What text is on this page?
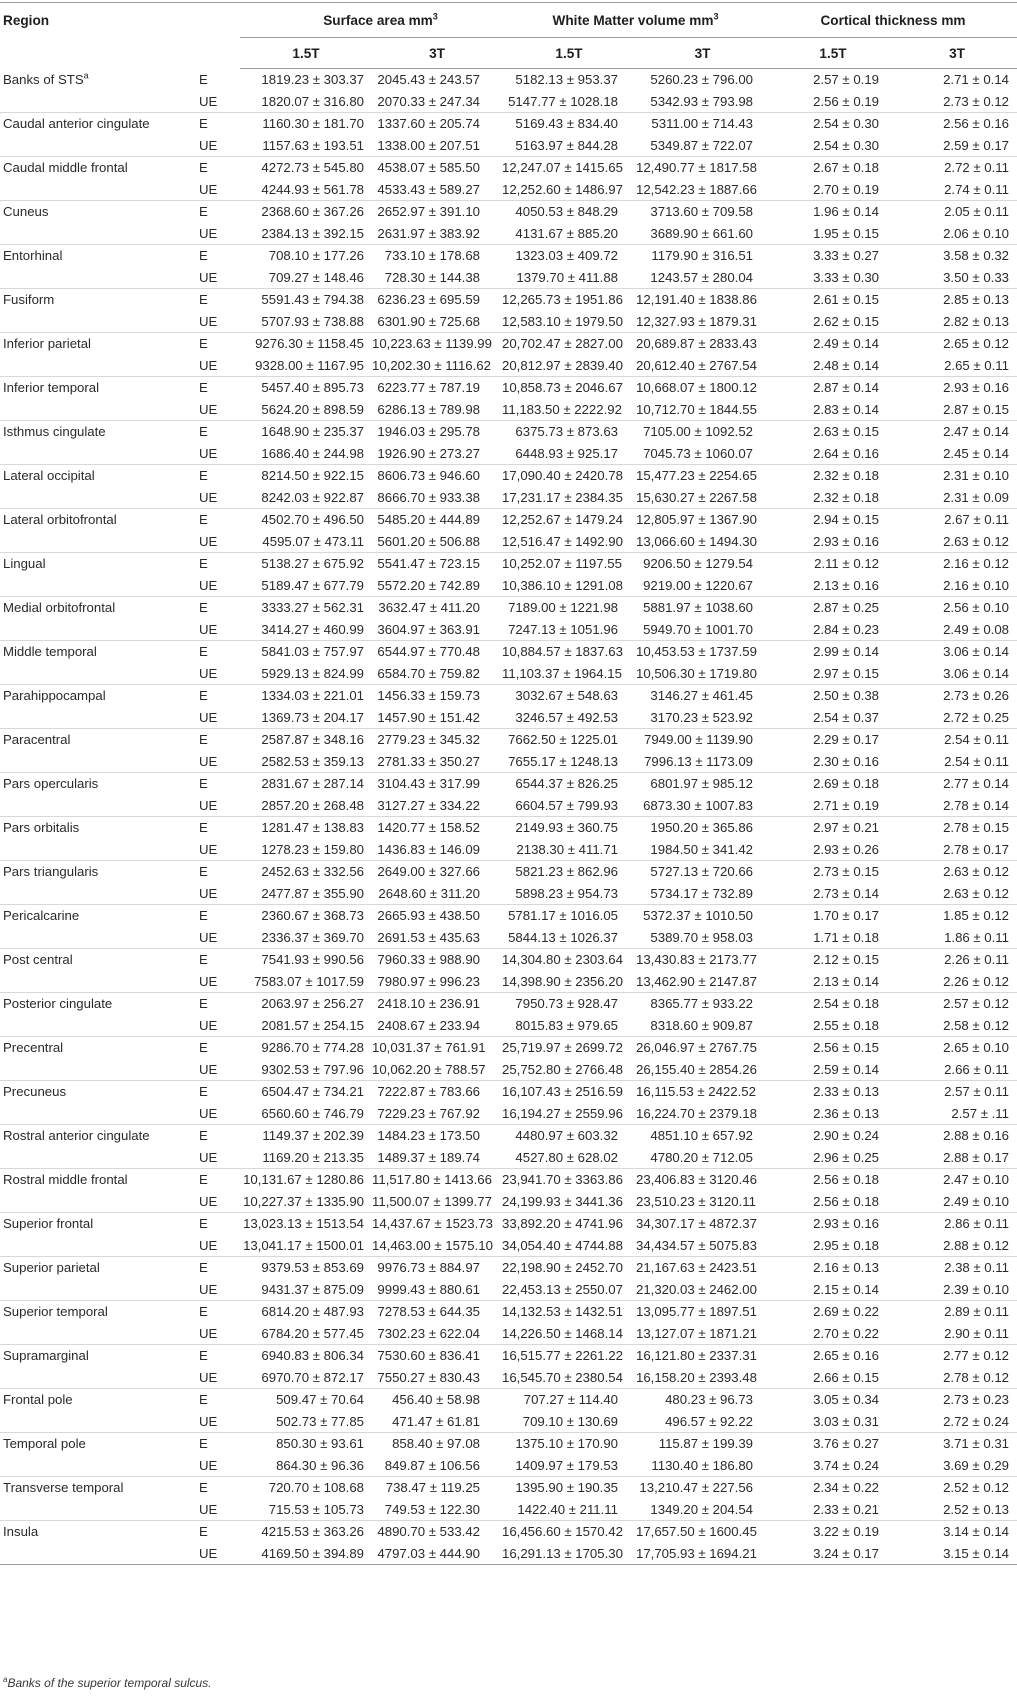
Region		Surface area $mm^3$		White Matter volume $mm^3$		Cortical thickness mm	
		1.5T	3T	1.5T	3T	1.5T	3T
Banks of STS$^a$	E	1819.23 ± 303.37	2045.43 ± 243.57	5182.13 ± 953.37	5260.23 ± 796.00	2.57 ± 0.19	2.71 ± 0.14
	UE	1820.07 ± 316.80	2070.33 ± 247.34	5147.77 ± 1028.18	5342.93 ± 793.98	2.56 ± 0.19	2.73 ± 0.12
Caudal anterior cingulate	E	1160.30 ± 181.70	1337.60 ± 205.74	5169.43 ± 834.40	5311.00 ± 714.43	2.54 ± 0.30	2.56 ± 0.16
	UE	1157.63 ± 193.51	1338.00 ± 207.51	5163.97 ± 844.28	5349.87 ± 722.07	2.54 ± 0.30	2.59 ± 0.17
Caudal middle frontal	E	4272.73 ± 545.80	4538.07 ± 585.50	12,247.07 ± 1415.65	12,490.77 ± 1817.58	2.67 ± 0.18	2.72 ± 0.11
	UE	4244.93 ± 561.78	4533.43 ± 589.27	12,252.60 ± 1486.97	12,542.23 ± 1887.66	2.70 ± 0.19	2.74 ± 0.11
Cuneus	E	2368.60 ± 367.26	2652.97 ± 391.10	4050.53 ± 848.29	3713.60 ± 709.58	1.96 ± 0.14	2.05 ± 0.11
	UE	2384.13 ± 392.15	2631.97 ± 383.92	4131.67 ± 885.20	3689.90 ± 661.60	1.95 ± 0.15	2.06 ± 0.10
Entorhinal	E	708.10 ± 177.26	733.10 ± 178.68	1323.03 ± 409.72	1179.90 ± 316.51	3.33 ± 0.27	3.58 ± 0.32
	UE	709.27 ± 148.46	728.30 ± 144.38	1379.70 ± 411.88	1243.57 ± 280.04	3.33 ± 0.30	3.50 ± 0.33
Fusiform	E	5591.43 ± 794.38	6236.23 ± 695.59	12,265.73 ± 1951.86	12,191.40 ± 1838.86	2.61 ± 0.15	2.85 ± 0.13
	UE	5707.93 ± 738.88	6301.90 ± 725.68	12,583.10 ± 1979.50	12,327.93 ± 1879.31	2.62 ± 0.15	2.82 ± 0.13
Inferior parietal	E	9276.30 ± 1158.45	10,223.63 ± 1139.99	20,702.47 ± 2827.00	20,689.87 ± 2833.43	2.49 ± 0.14	2.65 ± 0.12
	UE	9328.00 ± 1167.95	10,202.30 ± 1116.62	20,812.97 ± 2839.40	20,612.40 ± 2767.54	2.48 ± 0.14	2.65 ± 0.11
Inferior temporal	E	5457.40 ± 895.73	6223.77 ± 787.19	10,858.73 ± 2046.67	10,668.07 ± 1800.12	2.87 ± 0.14	2.93 ± 0.16
	UE	5624.20 ± 898.59	6286.13 ± 789.98	11,183.50 ± 2222.92	10,712.70 ± 1844.55	2.83 ± 0.14	2.87 ± 0.15
Isthmus cingulate	E	1648.90 ± 235.37	1946.03 ± 295.78	6375.73 ± 873.63	7105.00 ± 1092.52	2.63 ± 0.15	2.47 ± 0.14
	UE	1686.40 ± 244.98	1926.90 ± 273.27	6448.93 ± 925.17	7045.73 ± 1060.07	2.64 ± 0.16	2.45 ± 0.14
Lateral occipital	E	8214.50 ± 922.15	8606.73 ± 946.60	17,090.40 ± 2420.78	15,477.23 ± 2254.65	2.32 ± 0.18	2.31 ± 0.10
	UE	8242.03 ± 922.87	8666.70 ± 933.38	17,231.17 ± 2384.35	15,630.27 ± 2267.58	2.32 ± 0.18	2.31 ± 0.09
Lateral orbitofrontal	E	4502.70 ± 496.50	5485.20 ± 444.89	12,252.67 ± 1479.24	12,805.97 ± 1367.90	2.94 ± 0.15	2.67 ± 0.11
	UE	4595.07 ± 473.11	5601.20 ± 506.88	12,516.47 ± 1492.90	13,066.60 ± 1494.30	2.93 ± 0.16	2.63 ± 0.12
Lingual	E	5138.27 ± 675.92	5541.47 ± 723.15	10,252.07 ± 1197.55	9206.50 ± 1279.54	2.11 ± 0.12	2.16 ± 0.12
	UE	5189.47 ± 677.79	5572.20 ± 742.89	10,386.10 ± 1291.08	9219.00 ± 1220.67	2.13 ± 0.16	2.16 ± 0.10
Medial orbitofrontal	E	3333.27 ± 562.31	3632.47 ± 411.20	7189.00 ± 1221.98	5881.97 ± 1038.60	2.87 ± 0.25	2.56 ± 0.10
	UE	3414.27 ± 460.99	3604.97 ± 363.91	7247.13 ± 1051.96	5949.70 ± 1001.70	2.84 ± 0.23	2.49 ± 0.08
Middle temporal	E	5841.03 ± 757.97	6544.97 ± 770.48	10,884.57 ± 1837.63	10,453.53 ± 1737.59	2.99 ± 0.14	3.06 ± 0.14
	UE	5929.13 ± 824.99	6584.70 ± 759.82	11,103.37 ± 1964.15	10,506.30 ± 1719.80	2.97 ± 0.15	3.06 ± 0.14
Parahippocampal	E	1334.03 ± 221.01	1456.33 ± 159.73	3032.67 ± 548.63	3146.27 ± 461.45	2.50 ± 0.38	2.73 ± 0.26
	UE	1369.73 ± 204.17	1457.90 ± 151.42	3246.57 ± 492.53	3170.23 ± 523.92	2.54 ± 0.37	2.72 ± 0.25
Paracentral	E	2587.87 ± 348.16	2779.23 ± 345.32	7662.50 ± 1225.01	7949.00 ± 1139.90	2.29 ± 0.17	2.54 ± 0.11
	UE	2582.53 ± 359.13	2781.33 ± 350.27	7655.17 ± 1248.13	7996.13 ± 1173.09	2.30 ± 0.16	2.54 ± 0.11
Pars opercularis	E	2831.67 ± 287.14	3104.43 ± 317.99	6544.37 ± 826.25	6801.97 ± 985.12	2.69 ± 0.18	2.77 ± 0.14
	UE	2857.20 ± 268.48	3127.27 ± 334.22	6604.57 ± 799.93	6873.30 ± 1007.83	2.71 ± 0.19	2.78 ± 0.14
Pars orbitalis	E	1281.47 ± 138.83	1420.77 ± 158.52	2149.93 ± 360.75	1950.20 ± 365.86	2.97 ± 0.21	2.78 ± 0.15
	UE	1278.23 ± 159.80	1436.83 ± 146.09	2138.30 ± 411.71	1984.50 ± 341.42	2.93 ± 0.26	2.78 ± 0.17
Pars triangularis	E	2452.63 ± 332.56	2649.00 ± 327.66	5821.23 ± 862.96	5727.13 ± 720.66	2.73 ± 0.15	2.63 ± 0.12
	UE	2477.87 ± 355.90	2648.60 ± 311.20	5898.23 ± 954.73	5734.17 ± 732.89	2.73 ± 0.14	2.63 ± 0.12
Pericalcarine	E	2360.67 ± 368.73	2665.93 ± 438.50	5781.17 ± 1016.05	5372.37 ± 1010.50	1.70 ± 0.17	1.85 ± 0.12
	UE	2336.37 ± 369.70	2691.53 ± 435.63	5844.13 ± 1026.37	5389.70 ± 958.03	1.71 ± 0.18	1.86 ± 0.11
Post central	E	7541.93 ± 990.56	7960.33 ± 988.90	14,304.80 ± 2303.64	13,430.83 ± 2173.77	2.12 ± 0.15	2.26 ± 0.11
	UE	7583.07 ± 1017.59	7980.97 ± 996.23	14,398.90 ± 2356.20	13,462.90 ± 2147.87	2.13 ± 0.14	2.26 ± 0.12
Posterior cingulate	E	2063.97 ± 256.27	2418.10 ± 236.91	7950.73 ± 928.47	8365.77 ± 933.22	2.54 ± 0.18	2.57 ± 0.12
	UE	2081.57 ± 254.15	2408.67 ± 233.94	8015.83 ± 979.65	8318.60 ± 909.87	2.55 ± 0.18	2.58 ± 0.12
Precentral	E	9286.70 ± 774.28	10,031.37 ± 761.91	25,719.97 ± 2699.72	26,046.97 ± 2767.75	2.56 ± 0.15	2.65 ± 0.10
	UE	9302.53 ± 797.96	10,062.20 ± 788.57	25,752.80 ± 2766.48	26,155.40 ± 2854.26	2.59 ± 0.14	2.66 ± 0.11
Precuneus	E	6504.47 ± 734.21	7222.87 ± 783.66	16,107.43 ± 2516.59	16,115.53 ± 2422.52	2.33 ± 0.13	2.57 ± 0.11
	UE	6560.60 ± 746.79	7229.23 ± 767.92	16,194.27 ± 2559.96	16,224.70 ± 2379.18	2.36 ± 0.13	2.57 ± .11
Rostral anterior cingulate	E	1149.37 ± 202.39	1484.23 ± 173.50	4480.97 ± 603.32	4851.10 ± 657.92	2.90 ± 0.24	2.88 ± 0.16
	UE	1169.20 ± 213.35	1489.37 ± 189.74	4527.80 ± 628.02	4780.20 ± 712.05	2.96 ± 0.25	2.88 ± 0.17
Rostral middle frontal	E	10,131.67 ± 1280.86	11,517.80 ± 1413.66	23,941.70 ± 3363.86	23,406.83 ± 3120.46	2.56 ± 0.18	2.47 ± 0.10
	UE	10,227.37 ± 1335.90	11,500.07 ± 1399.77	24,199.93 ± 3441.36	23,510.23 ± 3120.11	2.56 ± 0.18	2.49 ± 0.10
Superior frontal	E	13,023.13 ± 1513.54	14,437.67 ± 1523.73	33,892.20 ± 4741.96	34,307.17 ± 4872.37	2.93 ± 0.16	2.86 ± 0.11
	UE	13,041.17 ± 1500.01	14,463.00 ± 1575.10	34,054.40 ± 4744.88	34,434.57 ± 5075.83	2.95 ± 0.18	2.88 ± 0.12
Superior parietal	E	9379.53 ± 853.69	9976.73 ± 884.97	22,198.90 ± 2452.70	21,167.63 ± 2423.51	2.16 ± 0.13	2.38 ± 0.11
	UE	9431.37 ± 875.09	9999.43 ± 880.61	22,453.13 ± 2550.07	21,320.03 ± 2462.00	2.15 ± 0.14	2.39 ± 0.10
Superior temporal	E	6814.20 ± 487.93	7278.53 ± 644.35	14,132.53 ± 1432.51	13,095.77 ± 1897.51	2.69 ± 0.22	2.89 ± 0.11
	UE	6784.20 ± 577.45	7302.23 ± 622.04	14,226.50 ± 1468.14	13,127.07 ± 1871.21	2.70 ± 0.22	2.90 ± 0.11
Supramarginal	E	6940.83 ± 806.34	7530.60 ± 836.41	16,515.77 ± 2261.22	16,121.80 ± 2337.31	2.65 ± 0.16	2.77 ± 0.12
	UE	6970.70 ± 872.17	7550.27 ± 830.43	16,545.70 ± 2380.54	16,158.20 ± 2393.48	2.66 ± 0.15	2.78 ± 0.12
Frontal pole	E	509.47 ± 70.64	456.40 ± 58.98	707.27 ± 114.40	480.23 ± 96.73	3.05 ± 0.34	2.73 ± 0.23
	UE	502.73 ± 77.85	471.47 ± 61.81	709.10 ± 130.69	496.57 ± 92.22	3.03 ± 0.31	2.72 ± 0.24
Temporal pole	E	850.30 ± 93.61	858.40 ± 97.08	1375.10 ± 170.90	115.87 ± 199.39	3.76 ± 0.27	3.71 ± 0.31
	UE	864.30 ± 96.36	849.87 ± 106.56	1409.97 ± 179.53	1130.40 ± 186.80	3.74 ± 0.24	3.69 ± 0.29
Transverse temporal	E	720.70 ± 108.68	738.47 ± 119.25	1395.90 ± 190.35	13,210.47 ± 227.56	2.34 ± 0.22	2.52 ± 0.12
	UE	715.53 ± 105.73	749.53 ± 122.30	1422.40 ± 211.11	1349.20 ± 204.54	2.33 ± 0.21	2.52 ± 0.13
Insula	E	4215.53 ± 363.26	4890.70 ± 533.42	16,456.60 ± 1570.42	17,657.50 ± 1600.45	3.22 ± 0.19	3.14 ± 0.14
	UE	4169.50 ± 394.89	4797.03 ± 444.90	16,291.13 ± 1705.30	17,705.93 ± 1694.21	3.24 ± 0.17	3.15 ± 0.14
$^a$Banks of the superior temporal sulcus.
